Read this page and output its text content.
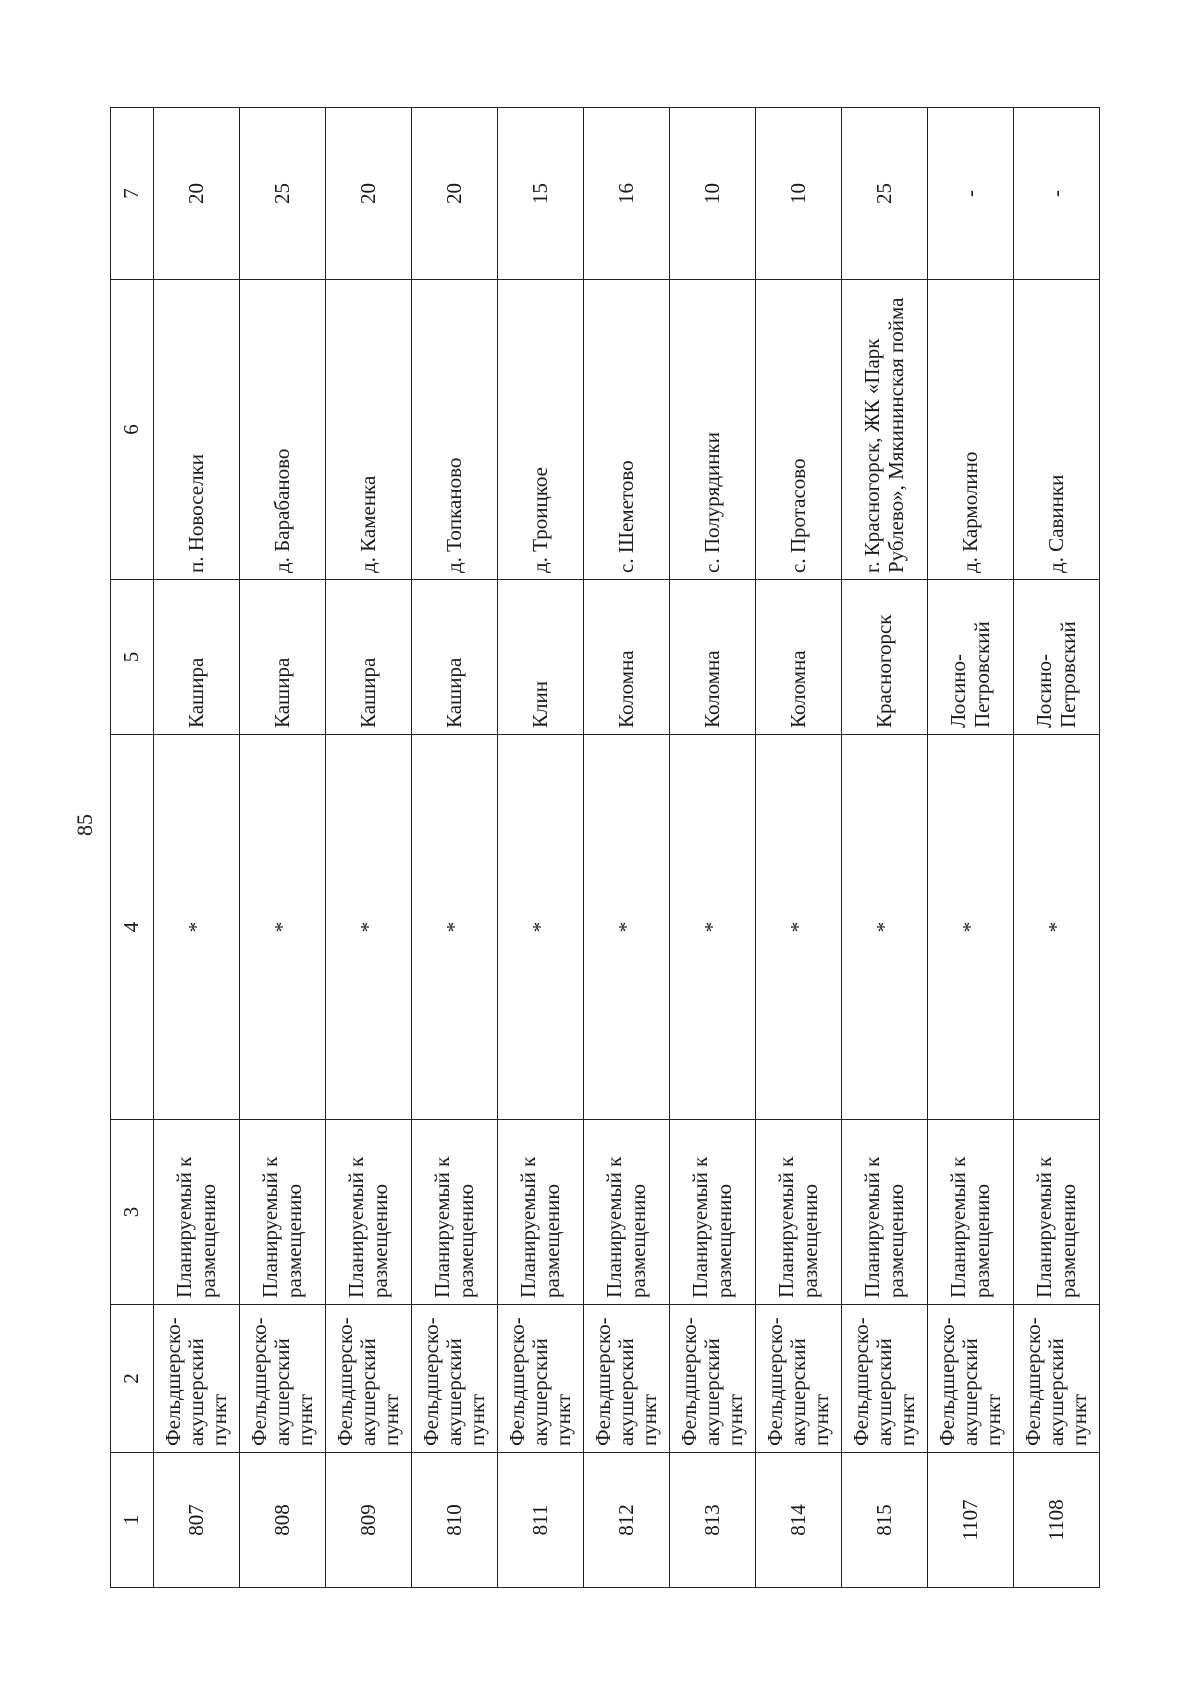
85
1	2	3	4	5	6	7
807	Фельдшерско-акушерский пункт	Планируемый к размещению	*	Кашира	п. Новоселки	20
808	Фельдшерско-акушерский пункт	Планируемый к размещению	*	Кашира	д. Барабаново	25
809	Фельдшерско-акушерский пункт	Планируемый к размещению	*	Кашира	д. Каменка	20
810	Фельдшерско-акушерский пункт	Планируемый к размещению	*	Кашира	д. Топканово	20
811	Фельдшерско-акушерский пункт	Планируемый к размещению	*	Клин	д. Троицкое	15
812	Фельдшерско-акушерский пункт	Планируемый к размещению	*	Коломна	с. Шеметово	16
813	Фельдшерско-акушерский пункт	Планируемый к размещению	*	Коломна	с. Полурядинки	10
814	Фельдшерско-акушерский пункт	Планируемый к размещению	*	Коломна	с. Протасово	10
815	Фельдшерско-акушерский пункт	Планируемый к размещению	*	Красногорск	г. Красногорск, ЖК «Парк Рублево», Мякининская пойма	25
1107	Фельдшерско-акушерский пункт	Планируемый к размещению	*	Лосино-Петровский	д. Кармолино	-
1108	Фельдшерско-акушерский пункт	Планируемый к размещению	*	Лосино-Петровский	д. Савинки	-
